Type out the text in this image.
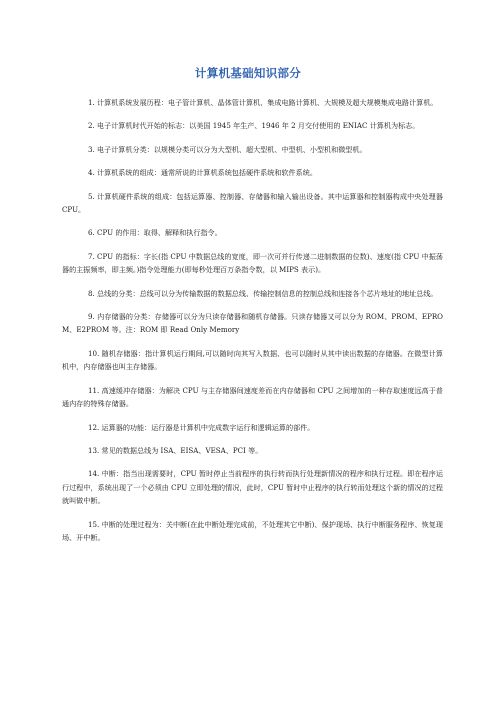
计算机基础知识部分

1. 计算机系统发展历程：电子管计算机、晶体管计算机、集成电路计算机、大规模及超大规模集成电路计算机。

2. 电子计算机时代开始的标志：以美国 1945 年生产、1946 年 2 月交付使用的 ENIAC 计算机为标志。

3. 电子计算机分类：以规模分类可以分为大型机、超大型机、中型机、小型机和微型机。

4. 计算机系统的组成：通常所说的计算机系统包括硬件系统和软件系统。

5. 计算机硬件系统的组成：包括运算器、控制器、存储器和输入输出设备。其中运算器和控制器构成中央处理器 CPU。

6. CPU 的作用：取得、解释和执行指令。

7. CPU 的指标：字长(指 CPU 中数据总线的宽度，即一次可并行传递二进制数据的位数)、速度(指 CPU 中振荡器的主振频率，即主频。)指令处理能力(即每秒处理百万条指令数，以 MIPS 表示)。

8. 总线的分类：总线可以分为传输数据的数据总线、传输控制信息的控制总线和连接各个芯片地址的地址总线。

9. 内存储器的分类：存储器可以分为只读存储器和随机存储器。只读存储器又可以分为 ROM、PROM、EPROM、E2PROM 等。注：ROM 即 Read Only Memory

10. 随机存储器：指计算机运行期间,可以随时向其写入数据、也可以随时从其中读出数据的存储器。在微型计算机中，内存储器也叫主存储器。

11. 高速缓冲存储器：为解决 CPU 与主存储器间速度差而在内存储器和 CPU 之间增加的一种存取速度远高于普通内存的特殊存储器。

12. 运算器的功能：运行器是计算机中完成数字运行和逻辑运算的部件。

13. 常见的数据总线为 ISA、EISA、VESA、PCI 等。

14. 中断：指当出现需要时，CPU 暂时停止当前程序的执行转而执行处理新情况的程序和执行过程。即在程序运行过程中，系统出现了一个必须由 CPU 立即处理的情况，此时，CPU 暂时中止程序的执行转而处理这个新的情况的过程就叫做中断。

15. 中断的处理过程为：关中断(在此中断处理完成前，不处理其它中断)、保护现场、执行中断服务程序、恢复现场、开中断。
